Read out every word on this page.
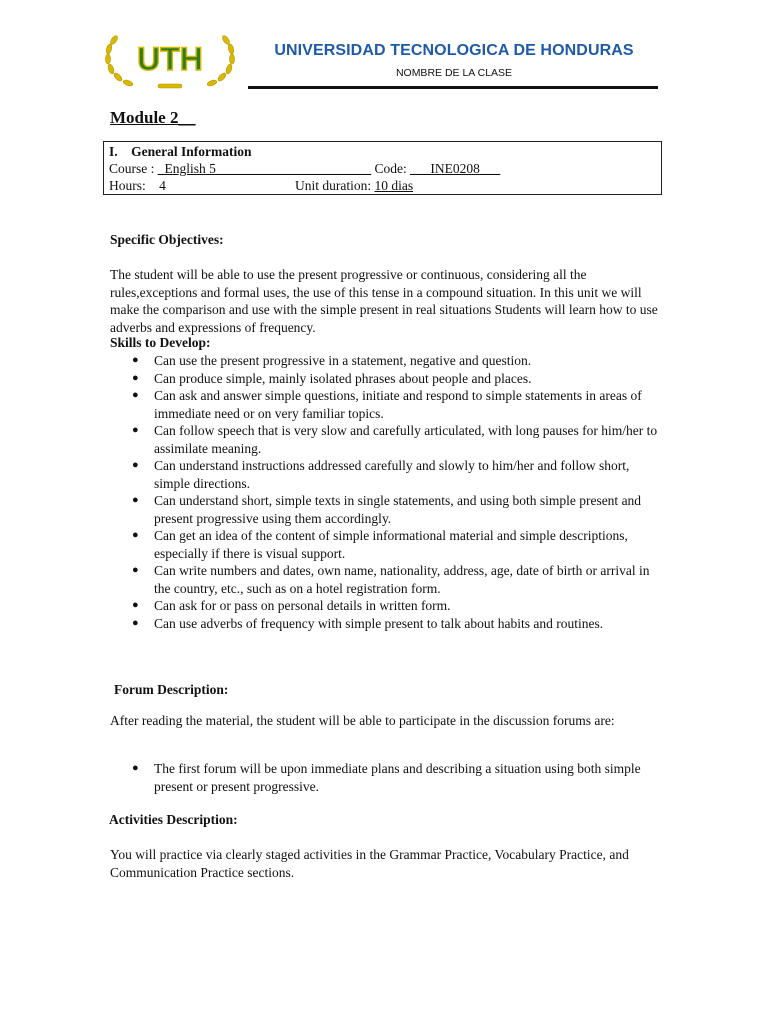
UTH	UNIVERSIDAD TECNOLOGICA DE HONDURAS
NOMBRE DE LA CLASE
Module 2__
I.    General Information
Course : _English 5_______________________ Code: ___INE0208___
Hours: 4	Unit duration: 10 dias
Specific Objectives:
The student will be able to use the present progressive or continuous, considering all the rules,exceptions and formal uses, the use of this tense in a compound situation. In this unit we will make the comparison and use with the simple present in real situations Students will learn how to use adverbs and expressions of frequency.
Skills to Develop:
● Can use the present progressive in a statement, negative and question.
● Can produce simple, mainly isolated phrases about people and places.
● Can ask and answer simple questions, initiate and respond to simple statements in areas of immediate need or on very familiar topics.
● Can follow speech that is very slow and carefully articulated, with long pauses for him/her to assimilate meaning.
● Can understand instructions addressed carefully and slowly to him/her and follow short, simple directions.
● Can understand short, simple texts in single statements, and using both simple present and present progressive using them accordingly.
● Can get an idea of the content of simple informational material and simple descriptions, especially if there is visual support.
● Can write numbers and dates, own name, nationality, address, age, date of birth or arrival in the country, etc., such as on a hotel registration form.
● Can ask for or pass on personal details in written form.
● Can use adverbs of frequency with simple present to talk about habits and routines.
Forum Description:
After reading the material, the student will be able to participate in the discussion forums are:
● The first forum will be upon immediate plans and describing a situation using both simple present or present progressive.
Activities Description:
You will practice via clearly staged activities in the Grammar Practice, Vocabulary Practice, and Communication Practice sections.
